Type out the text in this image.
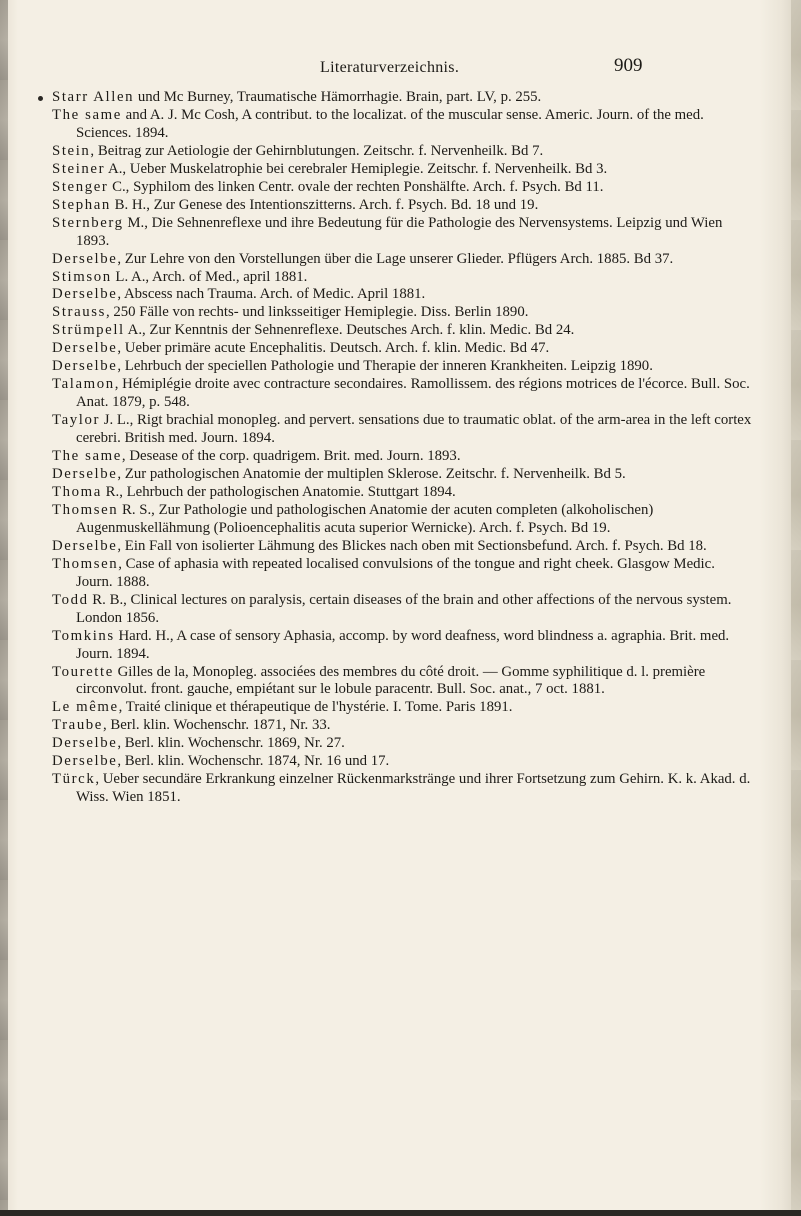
Literaturverzeichnis.	909

Starr Allen und Mc Burney, Traumatische Hämorrhagie. Brain, part. LV, p. 255.

The same and A. J. Mc Cosh, A contribut. to the localizat. of the muscular sense. Americ. Journ. of the med. Sciences. 1894.

Stein, Beitrag zur Aetiologie der Gehirnblutungen. Zeitschr. f. Nervenheilk. Bd 7.

Steiner A., Ueber Muskelatrophie bei cerebraler Hemiplegie. Zeitschr. f. Nervenheilk. Bd 3.

Stenger C., Syphilom des linken Centr. ovale der rechten Ponshälfte. Arch. f. Psych. Bd 11.

Stephan B. H., Zur Genese des Intentionszitterns. Arch. f. Psych. Bd. 18 und 19.

Sternberg M., Die Sehnenreflexe und ihre Bedeutung für die Pathologie des Nervensystems. Leipzig und Wien 1893.

Derselbe, Zur Lehre von den Vorstellungen über die Lage unserer Glieder. Pflügers Arch. 1885. Bd 37.

Stimson L. A., Arch. of Med., april 1881.

Derselbe, Abscess nach Trauma. Arch. of Medic. April 1881.

Strauss, 250 Fälle von rechts- und linksseitiger Hemiplegie. Diss. Berlin 1890.

Strümpell A., Zur Kenntnis der Sehnenreflexe. Deutsches Arch. f. klin. Medic. Bd 24.

Derselbe, Ueber primäre acute Encephalitis. Deutsch. Arch. f. klin. Medic. Bd 47.

Derselbe, Lehrbuch der speciellen Pathologie und Therapie der inneren Krankheiten. Leipzig 1890.

Talamon, Hémiplégie droite avec contracture secondaires. Ramollissem. des régions motrices de l'écorce. Bull. Soc. Anat. 1879, p. 548.

Taylor J. L., Rigt brachial monopleg. and pervert. sensations due to traumatic oblat. of the arm-area in the left cortex cerebri. British med. Journ. 1894.

The same, Desease of the corp. quadrigem. Brit. med. Journ. 1893.

Derselbe, Zur pathologischen Anatomie der multiplen Sklerose. Zeitschr. f. Nervenheilk. Bd 5.

Thoma R., Lehrbuch der pathologischen Anatomie. Stuttgart 1894.

Thomsen R. S., Zur Pathologie und pathologischen Anatomie der acuten completen (alkoholischen) Augenmuskellähmung (Polioencephalitis acuta superior Wernicke). Arch. f. Psych. Bd 19.

Derselbe, Ein Fall von isolierter Lähmung des Blickes nach oben mit Sectionsbefund. Arch. f. Psych. Bd 18.

Thomsen, Case of aphasia with repeated localised convulsions of the tongue and right cheek. Glasgow Medic. Journ. 1888.

Todd R. B., Clinical lectures on paralysis, certain diseases of the brain and other affections of the nervous system. London 1856.

Tomkins Hard. H., A case of sensory Aphasia, accomp. by word deafness, word blindness a. agraphia. Brit. med. Journ. 1894.

Tourette Gilles de la, Monopleg. associées des membres du côté droit. — Gomme syphilitique d. l. première circonvolut. front. gauche, empiétant sur le lobule paracentr. Bull. Soc. anat., 7 oct. 1881.

Le même, Traité clinique et thérapeutique de l'hystérie. I. Tome. Paris 1891.

Traube, Berl. klin. Wochenschr. 1871, Nr. 33.

Derselbe, Berl. klin. Wochenschr. 1869, Nr. 27.

Derselbe, Berl. klin. Wochenschr. 1874, Nr. 16 und 17.

Türck, Ueber secundäre Erkrankung einzelner Rückenmarkstränge und ihrer Fortsetzung zum Gehirn. K. k. Akad. d. Wiss. Wien 1851.
